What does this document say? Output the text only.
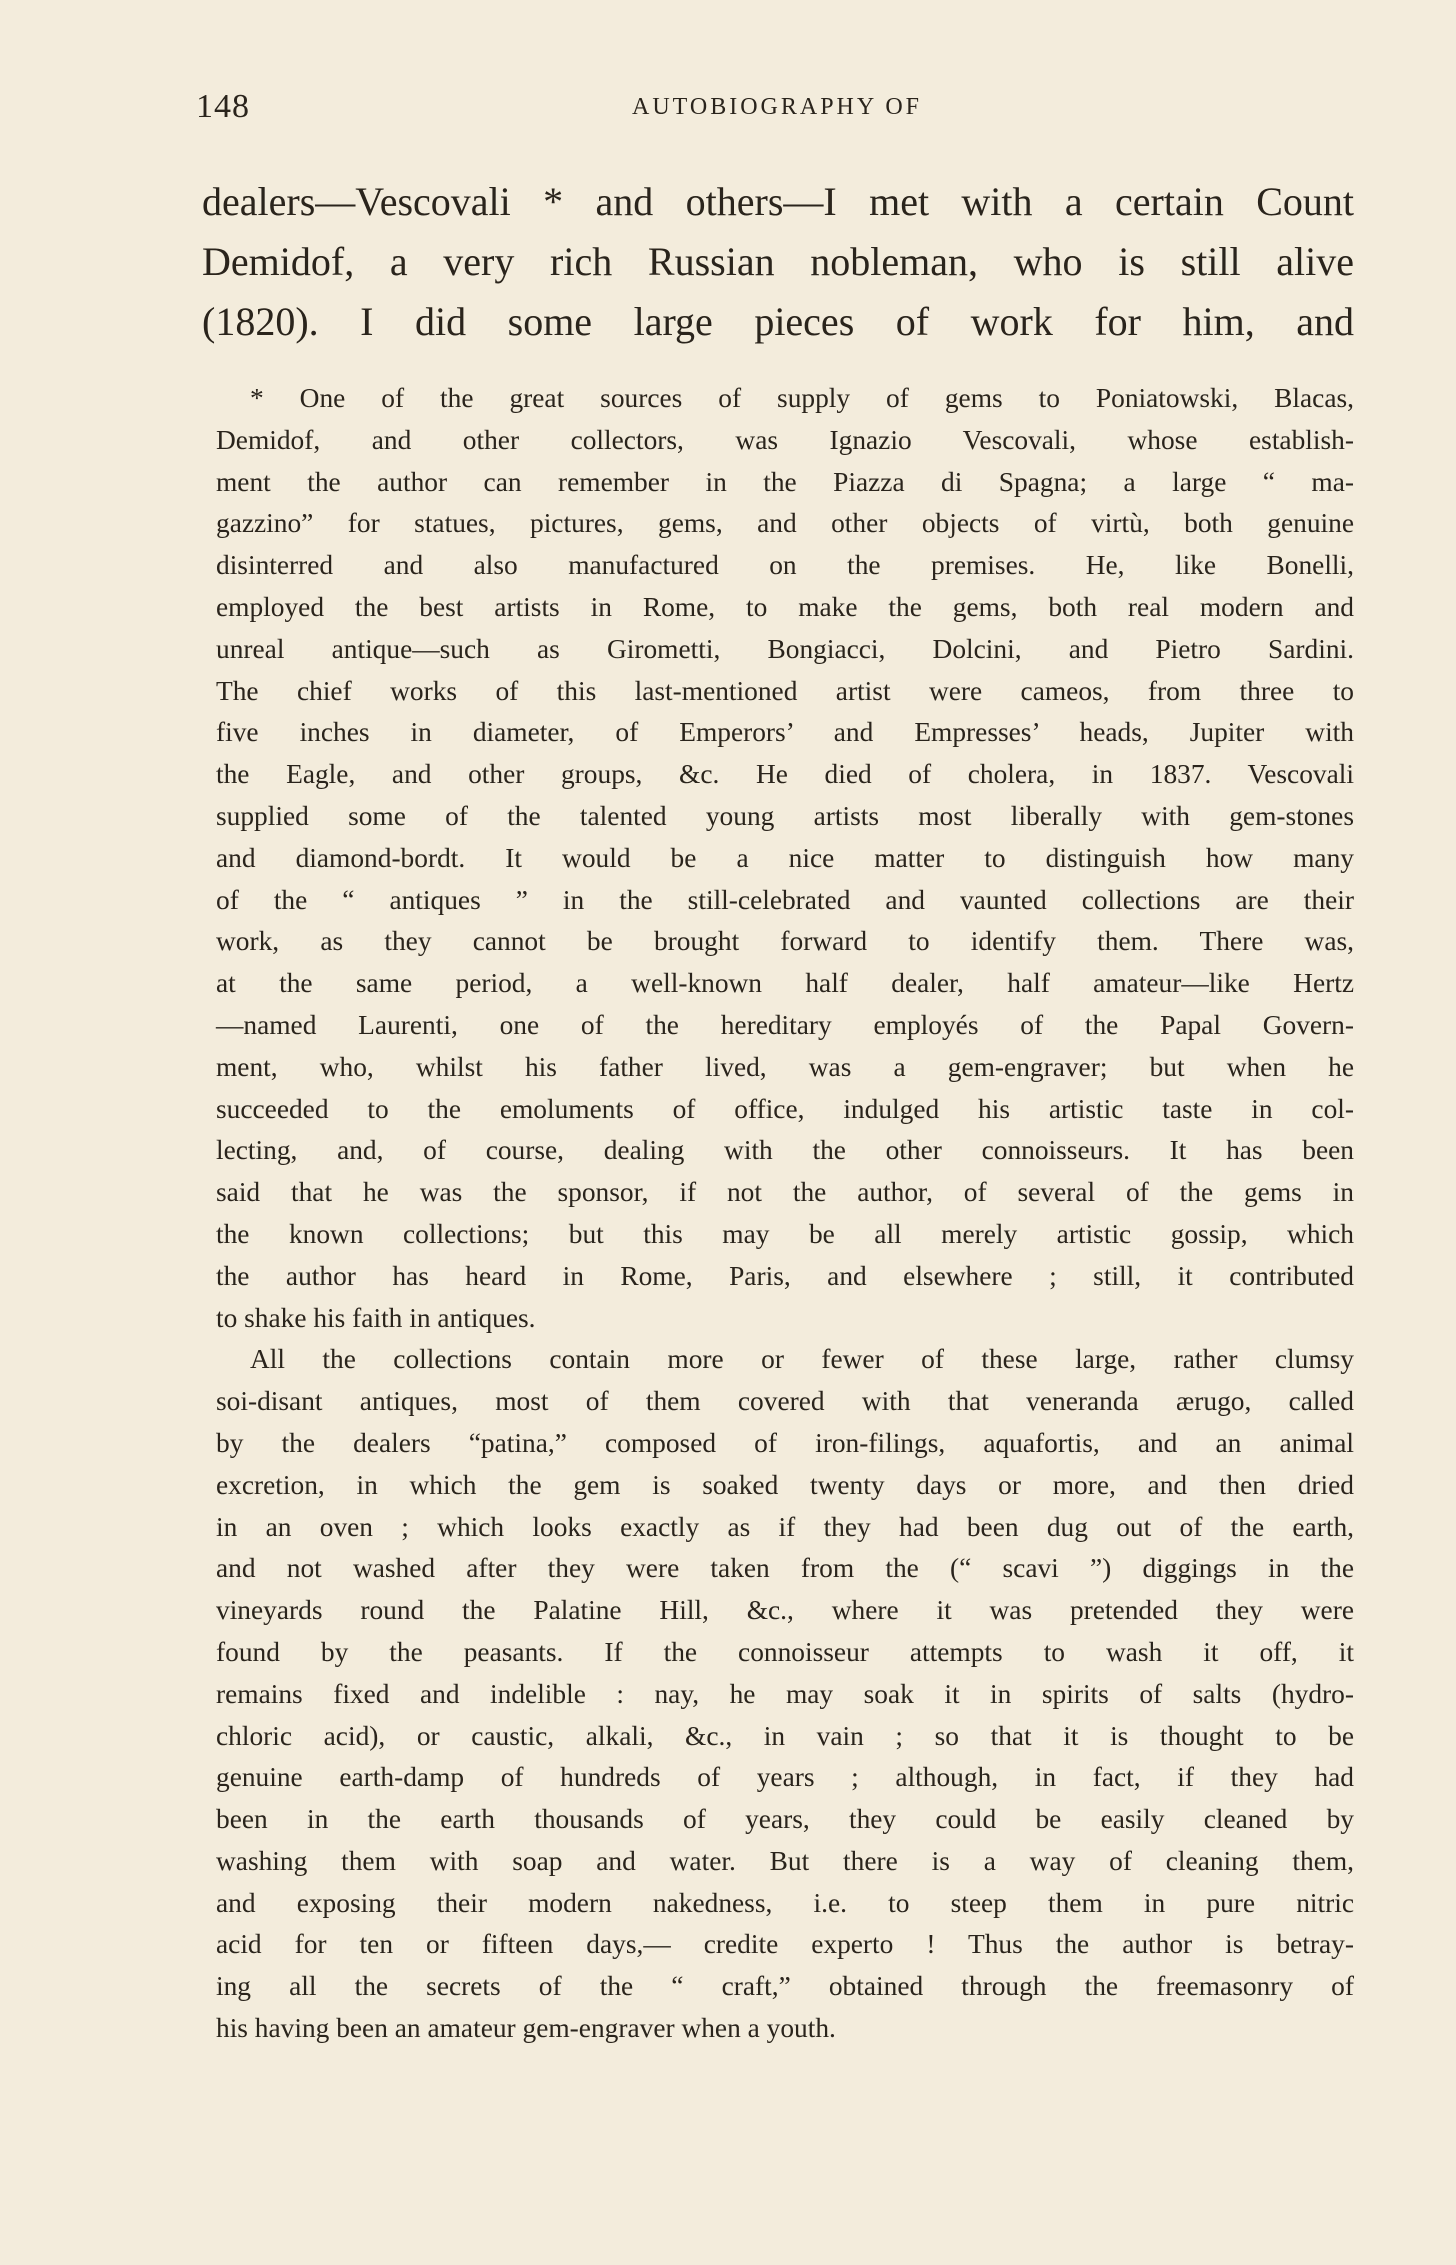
148	AUTOBIOGRAPHY OF
dealers—Vescovali * and others—I met with a certain Count
Demidof, a very rich Russian nobleman, who is still alive
(1820). I did some large pieces of work for him, and
* One of the great sources of supply of gems to Poniatowski, Blacas,
Demidof, and other collectors, was Ignazio Vescovali, whose establish-
ment the author can remember in the Piazza di Spagna; a large “ ma-
gazzino” for statues, pictures, gems, and other objects of virtù, both genuine
disinterred and also manufactured on the premises. He, like Bonelli,
employed the best artists in Rome, to make the gems, both real modern and
unreal antique—such as Girometti, Bongiacci, Dolcini, and Pietro Sardini.
The chief works of this last-mentioned artist were cameos, from three to
five inches in diameter, of Emperors’ and Empresses’ heads, Jupiter with
the Eagle, and other groups, &c. He died of cholera, in 1837. Vescovali
supplied some of the talented young artists most liberally with gem-stones
and diamond-bordt. It would be a nice matter to distinguish how many
of the “ antiques ” in the still-celebrated and vaunted collections are their
work, as they cannot be brought forward to identify them. There was,
at the same period, a well-known half dealer, half amateur—like Hertz
—named Laurenti, one of the hereditary employés of the Papal Govern-
ment, who, whilst his father lived, was a gem-engraver; but when he
succeeded to the emoluments of office, indulged his artistic taste in col-
lecting, and, of course, dealing with the other connoisseurs. It has been
said that he was the sponsor, if not the author, of several of the gems in
the known collections; but this may be all merely artistic gossip, which
the author has heard in Rome, Paris, and elsewhere ; still, it contributed
to shake his faith in antiques.
All the collections contain more or fewer of these large, rather clumsy
soi-disant antiques, most of them covered with that veneranda ærugo, called
by the dealers “patina,” composed of iron-filings, aquafortis, and an animal
excretion, in which the gem is soaked twenty days or more, and then dried
in an oven ; which looks exactly as if they had been dug out of the earth,
and not washed after they were taken from the (“ scavi ”) diggings in the
vineyards round the Palatine Hill, &c., where it was pretended they were
found by the peasants. If the connoisseur attempts to wash it off, it
remains fixed and indelible : nay, he may soak it in spirits of salts (hydro-
chloric acid), or caustic, alkali, &c., in vain ; so that it is thought to be
genuine earth-damp of hundreds of years ; although, in fact, if they had
been in the earth thousands of years, they could be easily cleaned by
washing them with soap and water. But there is a way of cleaning them,
and exposing their modern nakedness, i.e. to steep them in pure nitric
acid for ten or fifteen days,— credite experto ! Thus the author is betray-
ing all the secrets of the “ craft,” obtained through the freemasonry of
his having been an amateur gem-engraver when a youth.
